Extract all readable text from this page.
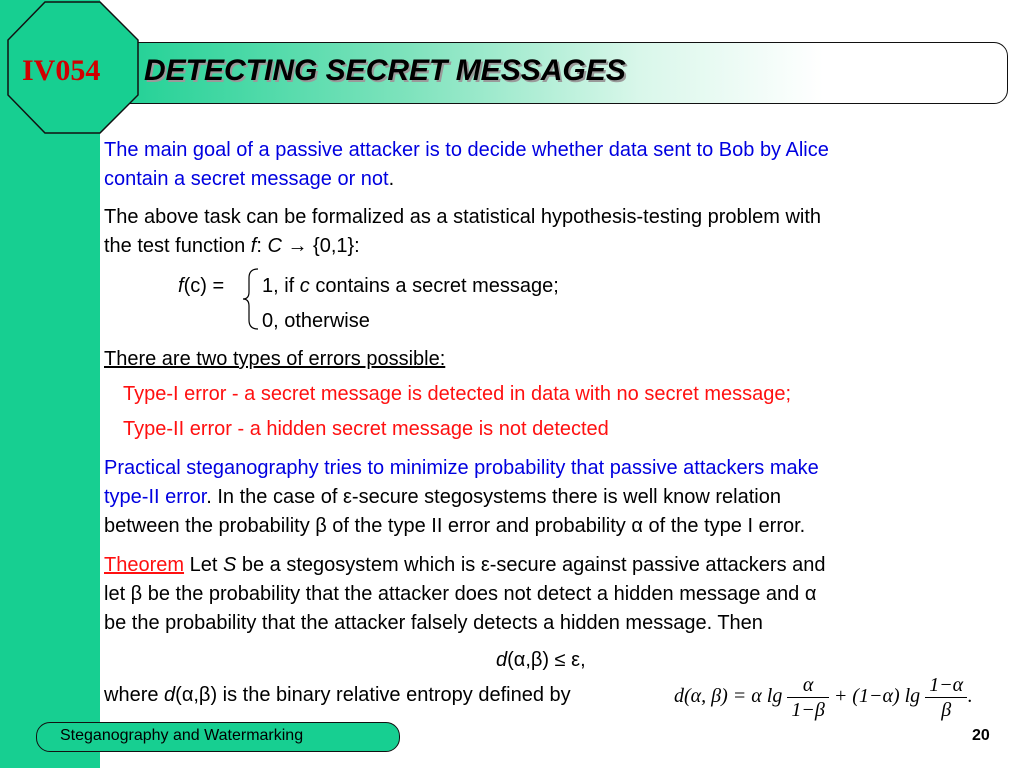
IV054	DETECTING SECRET MESSAGES
The main goal of a passive attacker is to decide whether data sent to Bob by Alice
contain a secret message or not.
The above task can be formalized as a statistical hypothesis-testing problem with
the test function f: C → {0,1}:
f(c) = 1, if c contains a secret message;
0, otherwise
There are two types of errors possible:
Type-I error - a secret message is detected in data with no secret message;
Type-II error - a hidden secret message is not detected
Practical steganography tries to minimize probability that passive attackers make
type-II error. In the case of ε-secure stegosystems there is well know relation
between the probability β of the type II error and probability α of the type I error.
Theorem Let S be a stegosystem which is ε-secure against passive attackers and
let β be the probability that the attacker does not detect a hidden message and α
be the probability that the attacker falsely detects a hidden message. Then
d(α,β) ≤ ε,
where d(α,β) is the binary relative entropy defined by	d(α, β) = α $\lg \frac{\alpha}{1-\beta} + (1-\alpha)$ $\lg \frac{1-\alpha}{\beta}$ .
Steganography and Watermarking	20
